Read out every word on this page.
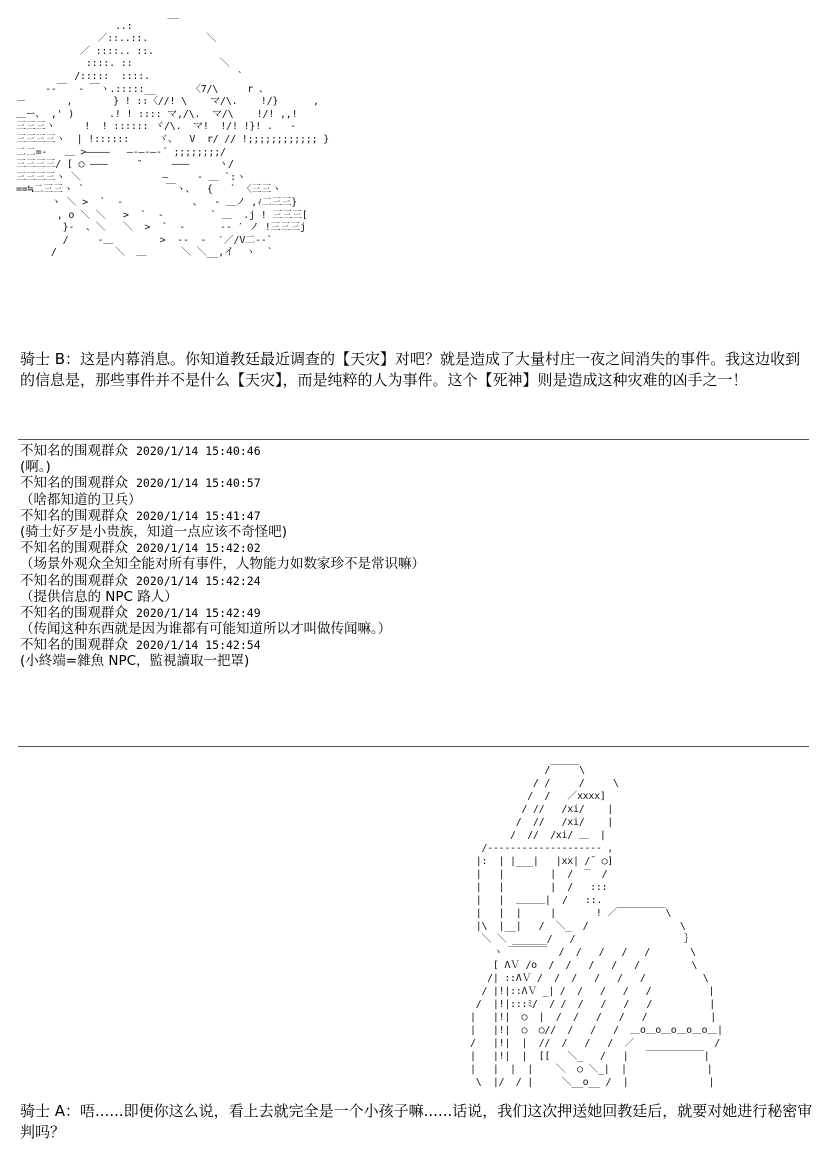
__
..:
／::..::.          ＼
／ ::::.. ::.
::::. ::               ＼
/:::::  ::::.               `
‐‐￣  ‐ ￣ヽ.:::::__      〈7/\     r 、
－       ,       } ! ::〈//! \    マ/\.    !/}      ,
＿ー、 ,' )      .! ! :::: マ,/\.  マ/\    !/! ,,!
三三三ヽ     !  ! :::::: ヾ/\.  マ!  !/! !}! .   ‐
三三三三ヽ  | !::::::     ヾ、  V  r/ // !;;;;;;;;;;;; }
二二=-   ＿ >――――   ―‐―‐―‐´ ;;;;;;;;/
三三三三/ [ ○ ―――     ‶     ―――     ヽ/
三三三三ヽ ＼              ―     ‐ ＿ `:ヽ
==≒二三三ヽ `              ￣ヽ、  {   ` 〈三三ヽ
ヽ ＼ >  `  ‐            、  ‐ ＿ノ ,ｨ二三三}
, o ＼ ＼   >  `  ‐        ` ＿  .j ! 三三三[
}‐  、＼   ＼  >  `  ‐      ‐‐ ′ ノ !三三三j
/     ‐＿        >  ‐‐  ‐  ′／/V二‐‐`
/          ＼  ＿      ＼ ＼__,イ  ヽ  `

骑士 B：这是内幕消息。你知道教廷最近调查的【天灾】对吧？就是造成了大量村庄一夜之间消失的事件。我这边收到的信息是，那些事件并不是什么【天灾】，而是纯粹的人为事件。这个【死神】则是造成这种灾难的凶手之一！

不知名的围观群众 2020/1/14 15:40:46
(啊。)
不知名的围观群众 2020/1/14 15:40:57
（啥都知道的卫兵）
不知名的围观群众 2020/1/14 15:41:47
(骑士好歹是小贵族，知道一点应该不奇怪吧)
不知名的围观群众 2020/1/14 15:42:02
（场景外观众全知全能对所有事件，人物能力如数家珍不是常识嘛）
不知名的围观群众 2020/1/14 15:42:24
（提供信息的 NPC 路人）
不知名的围观群众 2020/1/14 15:42:49
（传闻这种东西就是因为谁都有可能知道所以才叫做传闻嘛。）
不知名的围观群众 2020/1/14 15:42:54
(小終端=雜魚 NPC，監視讀取一把罩)
/￣￣￣\
/ /     /     \
/  /   ／xxxx]
/ //   /xi/    |
/  //   /xi/    |
/  //  /xi/ ＿  |
/‐‐‐‐‐‐‐‐‐‐‐‐‐‐‐‐‐‐‐‐ ,
|:  | |___|   |xx| /¯ ○]
|   |        |  /  ‾  /
|   |        |  /   :::
|   |  ＿＿＿|  /   ::.
|   |  |     |       ! ／￣￣￣￣￣\
|\  |__|   /  ＼_  /                \
＼ ＼ ______/   /                   ｝
ヽ ￣￣￣￣  /  /   /   /   /       \
[ ΛＶ /o  /  /   /   /   /         \
/| ::ΛＶ /  /  /   /   /   /          \
/ |!|::ΛＶ _| /  /   /   /   /          |
/  |!|:::ﾐ/  / /  /   /   /   /          |
|   |!|  ○  |  /  /   /   /   /           |
|   |!|  ○  ○//  /   /   /  ＿o＿o＿o＿o＿o＿|
/   |!|  |  //  /   /   /  ／              /
|   |!|  |  [[   ＼_   /   |   ￣￣￣￣￣￣|
|   |  |  |    ＼  ○ ＼_|  |              |
\  |/  / |     ＼__o__ /  |              |

骑士 A：唔......即便你这么说，看上去就完全是一个小孩子嘛......话说，我们这次押送她回教廷后，就要对她进行秘密审判吗？
